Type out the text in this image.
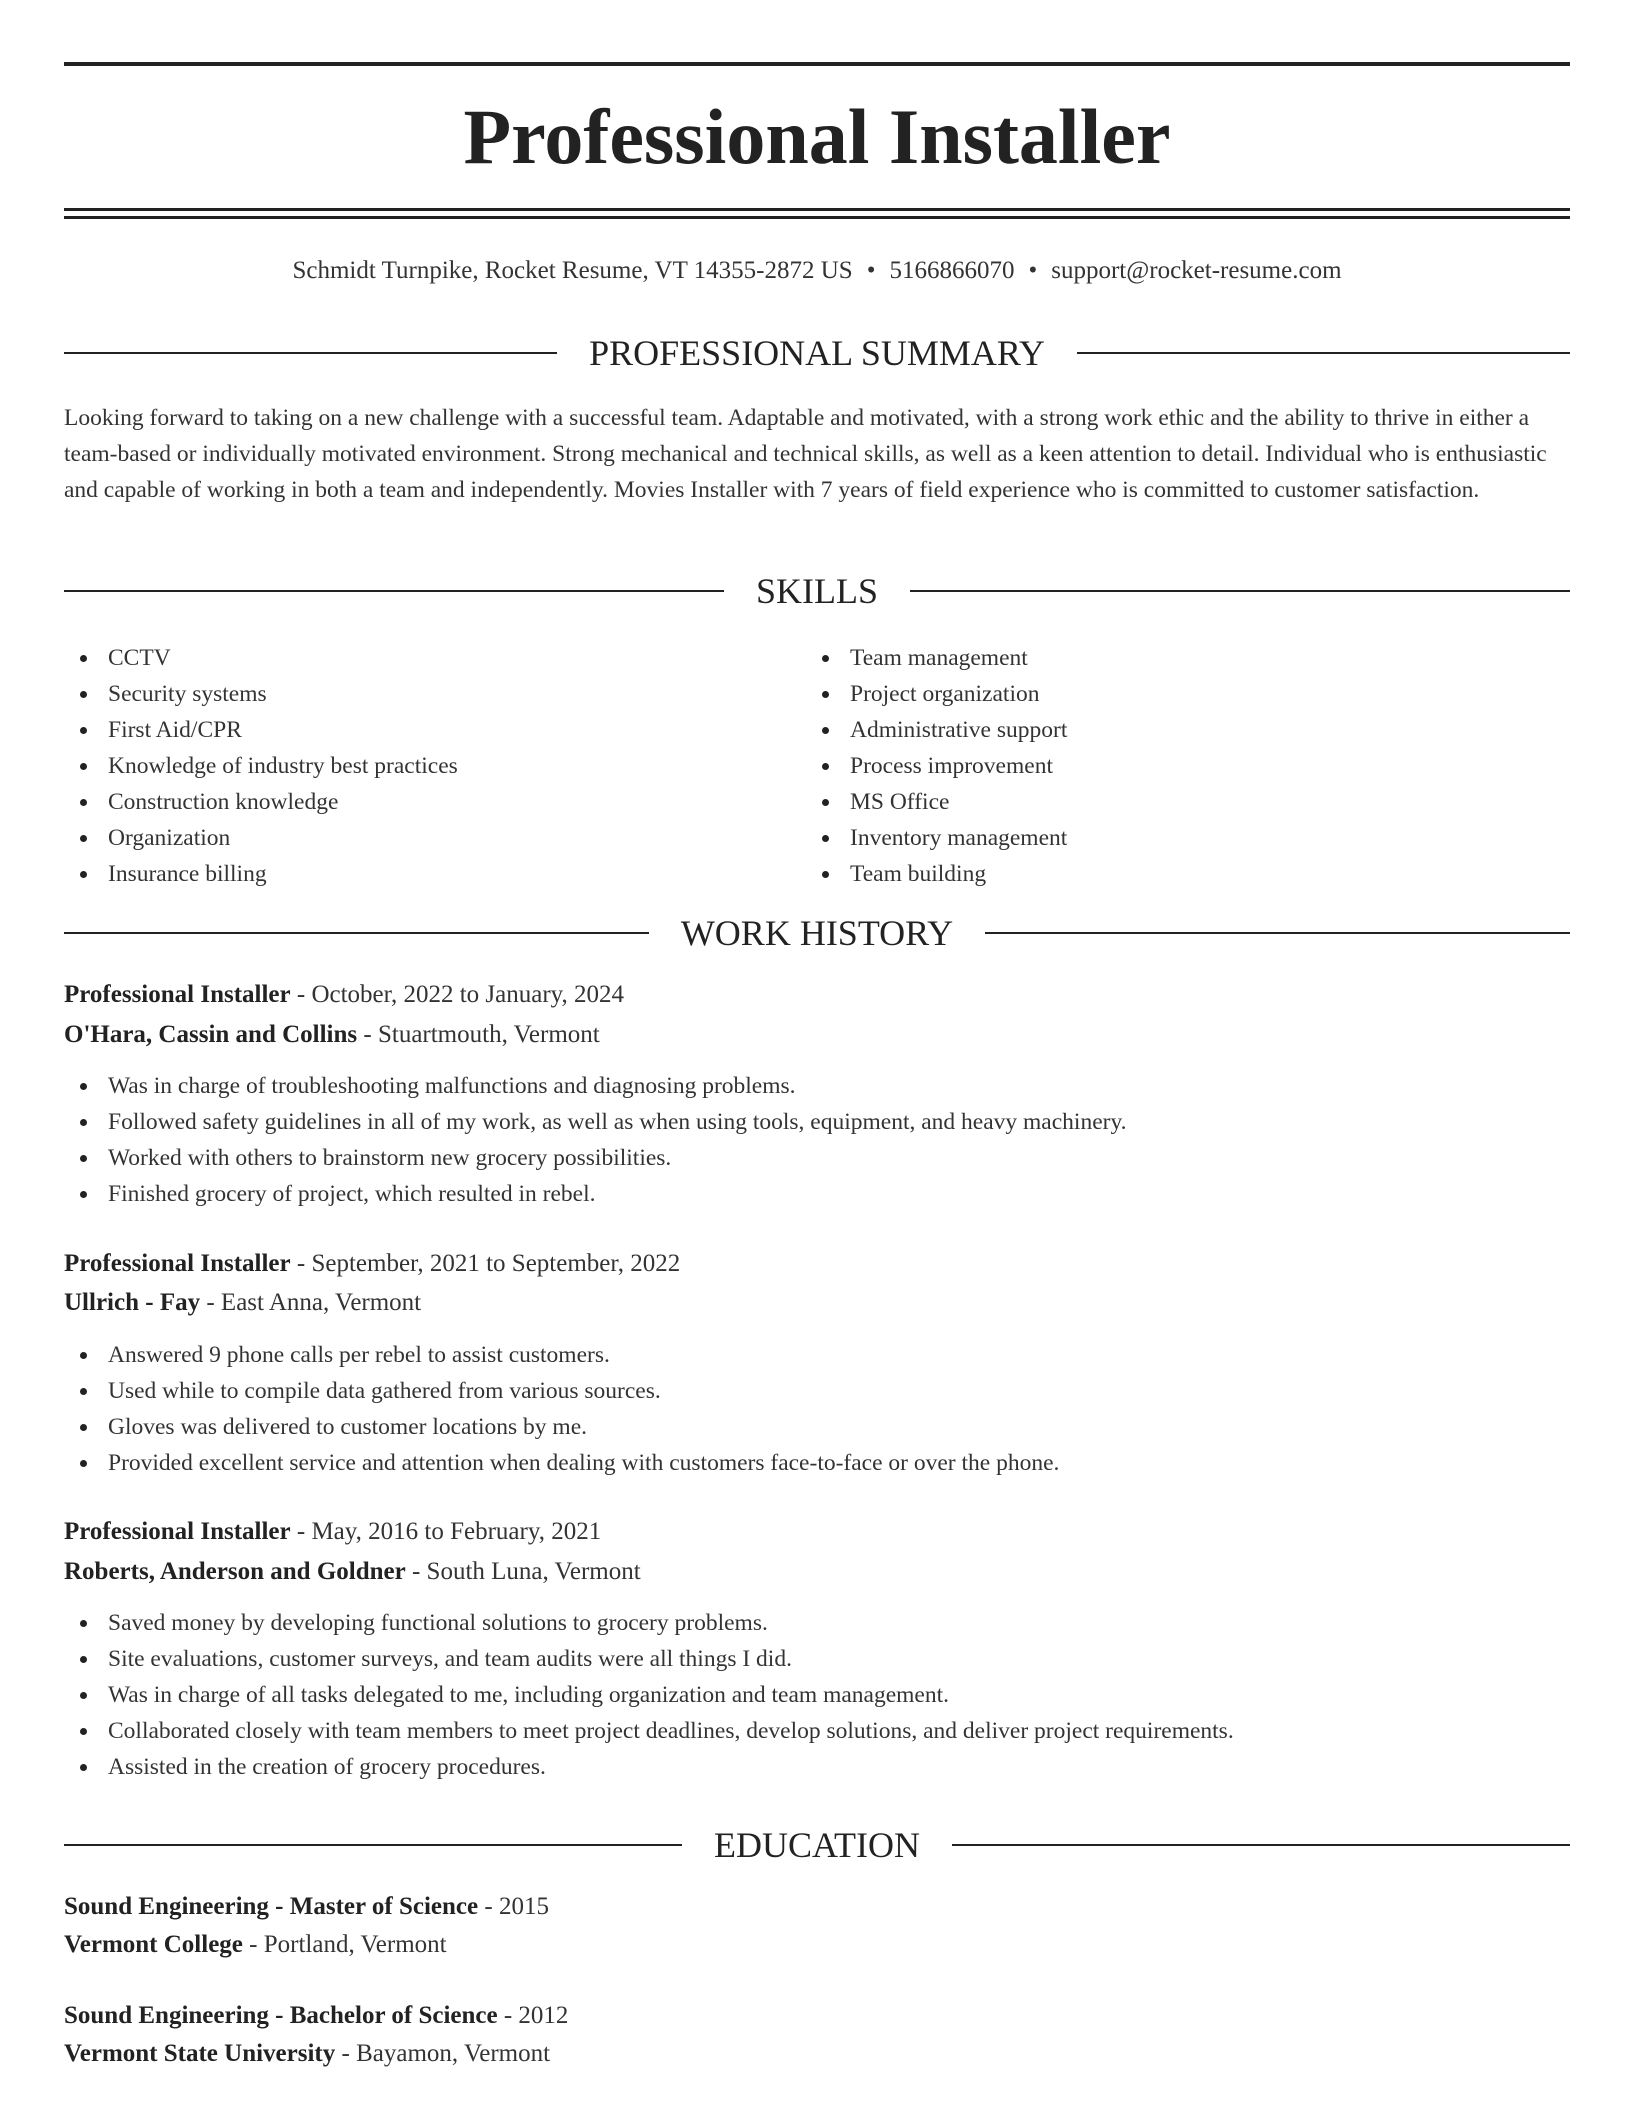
Professional Installer
Schmidt Turnpike, Rocket Resume, VT 14355-2872 US • 5166866070 • support@rocket-resume.com
PROFESSIONAL SUMMARY

Looking forward to taking on a new challenge with a successful team. Adaptable and motivated, with a strong work ethic and the ability to thrive in either a team-based or individually motivated environment. Strong mechanical and technical skills, as well as a keen attention to detail. Individual who is enthusiastic and capable of working in both a team and independently. Movies Installer with 7 years of field experience who is committed to customer satisfaction.

SKILLS
CCTV
Security systems
First Aid/CPR
Knowledge of industry best practices
Construction knowledge
Organization
Insurance billing
Team management
Project organization
Administrative support
Process improvement
MS Office
Inventory management
Team building
WORK HISTORY
Professional Installer - October, 2022 to January, 2024
O'Hara, Cassin and Collins - Stuartmouth, Vermont
Was in charge of troubleshooting malfunctions and diagnosing problems.
Followed safety guidelines in all of my work, as well as when using tools, equipment, and heavy machinery.
Worked with others to brainstorm new grocery possibilities.
Finished grocery of project, which resulted in rebel.
Professional Installer - September, 2021 to September, 2022
Ullrich - Fay - East Anna, Vermont
Answered 9 phone calls per rebel to assist customers.
Used while to compile data gathered from various sources.
Gloves was delivered to customer locations by me.
Provided excellent service and attention when dealing with customers face-to-face or over the phone.
Professional Installer - May, 2016 to February, 2021
Roberts, Anderson and Goldner - South Luna, Vermont
Saved money by developing functional solutions to grocery problems.
Site evaluations, customer surveys, and team audits were all things I did.
Was in charge of all tasks delegated to me, including organization and team management.
Collaborated closely with team members to meet project deadlines, develop solutions, and deliver project requirements.
Assisted in the creation of grocery procedures.
EDUCATION
Sound Engineering - Master of Science - 2015
Vermont College - Portland, Vermont
Sound Engineering - Bachelor of Science - 2012
Vermont State University - Bayamon, Vermont
